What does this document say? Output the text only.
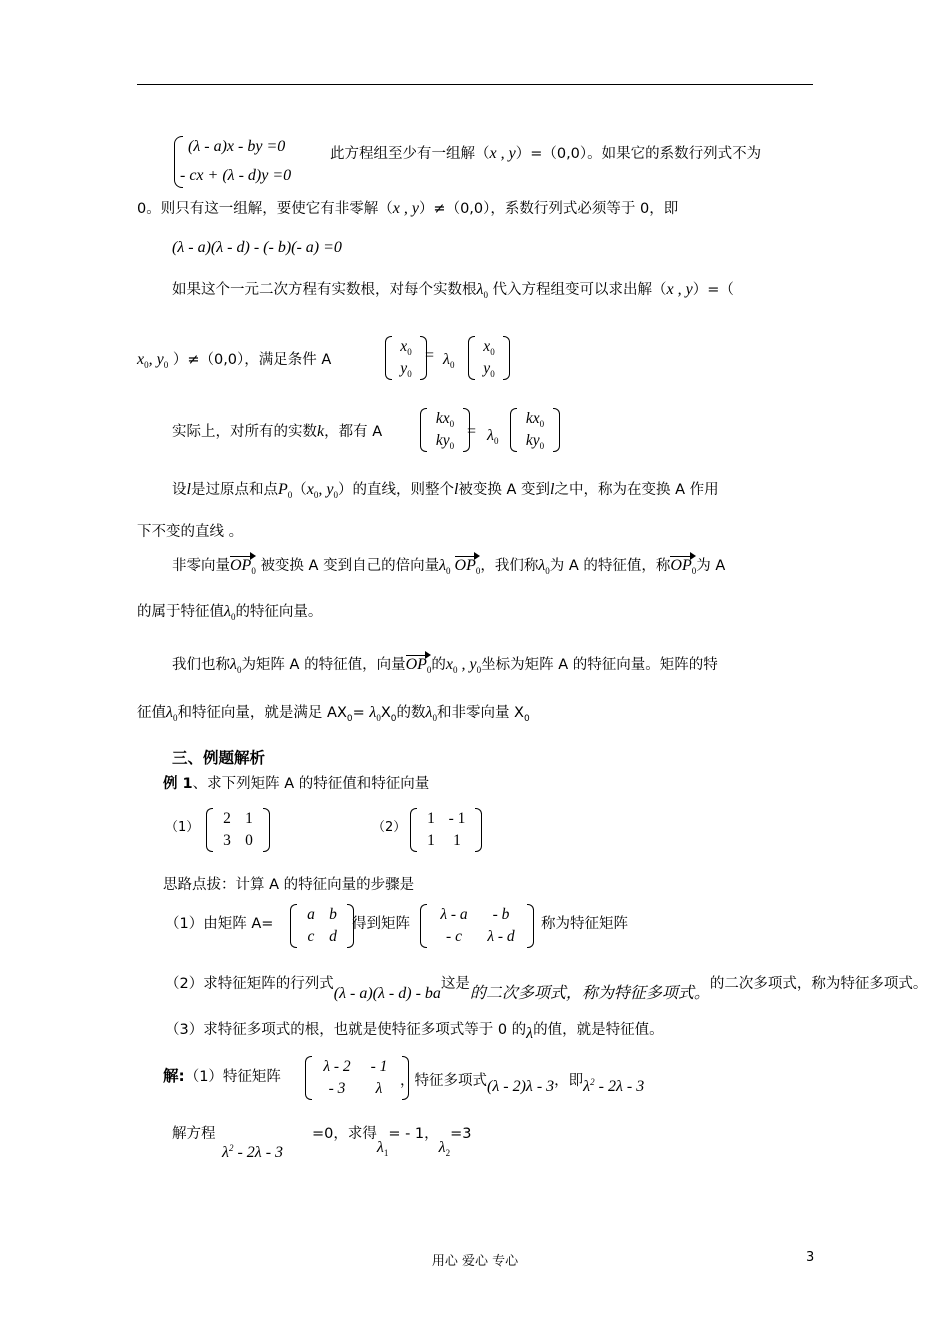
(λ - a)x - by =0
- cx + (λ - d)y =0
此方程组至少有一组解（x , y）=（0,0）。如果它的系数行列式不为
0。则只有这一组解，要使它有非零解（x , y）≠（0,0），系数行列式必须等于 0，即
(λ - a)(λ - d) - (- b)(- a) =0
如果这个一元二次方程有实数根，对每个实数根$\lambda_0$ 代入方程组变可以求出解（x , y）=（
$x_0$, $y_0$ ）≠（0,0），满足条件 A
$x_0$
$y_0$
= $\lambda_0$
$x_0$
$y_0$
实际上，对所有的实数k，都有 A
$kx_0$
$ky_0$
= $\lambda_0$
$kx_0$
$ky_0$
设l是过原点和点$P_0(x_0$, $y_0$）的直线，则整个l被变换 A 变到l之中，称为在变换 A 作用
下不变的直线 。
非零向量$OP_0$ 被变换 A 变到自己的倍向量$\lambda_0$ $OP_0$，我们称$\lambda_0$为 A 的特征值，称$OP_0$为 A
的属于特征值$\lambda_0$的特征向量。
我们也称$\lambda_0$为矩阵 A 的特征值，向量$OP_0$的$x_0$ , $y_0$坐标为矩阵 A 的特征向量。矩阵的特
征值$\lambda_0$和特征向量，就是满足 $AX_0= \lambda_0X_0$的数$\lambda_0$和非零向量 $X_0$
三、例题解析
例 1、求下列矩阵 A 的特征值和特征向量
（1）
2 1
3 0
（2）
1 - 1
1	1
思路点拔：计算 A 的特征向量的步骤是
（1）由矩阵 A=
a b
c d
得到矩阵
λ - a	- b
- c	λ - d
称为特征矩阵
（2）求特征矩阵的行列式(λ - a)(λ - d) - ba这是的二次多项式，称为特征多项式。的二次多项式，称为特征多项式。
（3）求特征多项式的根，也就是使特征多项式等于 0 的λ的值，就是特征值。
解:（1）特征矩阵
λ - 2	- 1
- 3	λ	，特征多项式(λ - 2)λ - 3，即$\lambda^2 - 2\lambda - 3$
解方程
$\lambda^2 - 2\lambda - 3$
=0，求得$\lambda_1= - 1$，$\lambda_2=3$
用心 爱心 专心	3
